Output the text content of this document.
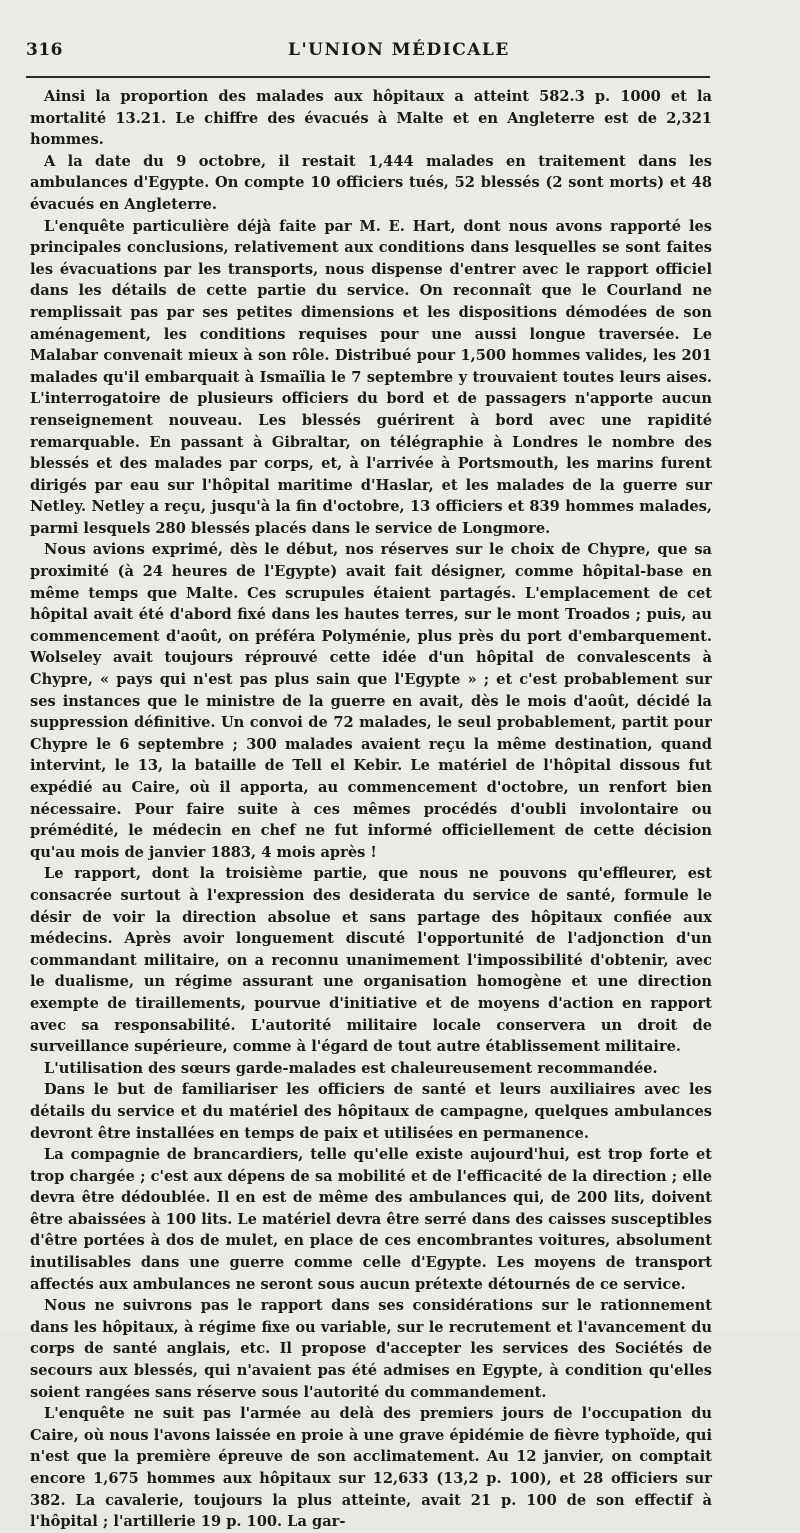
316	L'UNION MÉDICALE

Ainsi la proportion des malades aux hôpitaux a atteint 582.3 p. 1000 et la mortalité 13.21. Le chiffre des évacués à Malte et en Angleterre est de 2,321 hommes.

A la date du 9 octobre, il restait 1,444 malades en traitement dans les ambulances d'Egypte. On compte 10 officiers tués, 52 blessés (2 sont morts) et 48 évacués en Angleterre.

L'enquête particulière déjà faite par M. E. Hart, dont nous avons rapporté les principales conclusions, relativement aux conditions dans lesquelles se sont faites les évacuations par les transports, nous dispense d'entrer avec le rapport officiel dans les détails de cette partie du service. On reconnaît que le Courland ne remplissait pas par ses petites dimensions et les dispositions démodées de son aménagement, les conditions requises pour une aussi longue traversée. Le Malabar convenait mieux à son rôle. Distribué pour 1,500 hommes valides, les 201 malades qu'il embarquait à Ismaïlia le 7 septembre y trouvaient toutes leurs aises. L'interrogatoire de plusieurs officiers du bord et de passagers n'apporte aucun renseignement nouveau. Les blessés guérirent à bord avec une rapidité remarquable. En passant à Gibraltar, on télégraphie à Londres le nombre des blessés et des malades par corps, et, à l'arrivée à Portsmouth, les marins furent dirigés par eau sur l'hôpital maritime d'Haslar, et les malades de la guerre sur Netley. Netley a reçu, jusqu'à la fin d'octobre, 13 officiers et 839 hommes malades, parmi lesquels 280 blessés placés dans le service de Longmore.

Nous avions exprimé, dès le début, nos réserves sur le choix de Chypre, que sa proximité (à 24 heures de l'Egypte) avait fait désigner, comme hôpital-base en même temps que Malte. Ces scrupules étaient partagés. L'emplacement de cet hôpital avait été d'abord fixé dans les hautes terres, sur le mont Troados ; puis, au commencement d'août, on préféra Polyménie, plus près du port d'embarquement. Wolseley avait toujours réprouvé cette idée d'un hôpital de convalescents à Chypre, « pays qui n'est pas plus sain que l'Egypte » ; et c'est probablement sur ses instances que le ministre de la guerre en avait, dès le mois d'août, décidé la suppression définitive. Un convoi de 72 malades, le seul probablement, partit pour Chypre le 6 septembre ; 300 malades avaient reçu la même destination, quand intervint, le 13, la bataille de Tell el Kebir. Le matériel de l'hôpital dissous fut expédié au Caire, où il apporta, au commencement d'octobre, un renfort bien nécessaire. Pour faire suite à ces mêmes procédés d'oubli involontaire ou prémédité, le médecin en chef ne fut informé officiellement de cette décision qu'au mois de janvier 1883, 4 mois après !

Le rapport, dont la troisième partie, que nous ne pouvons qu'effleurer, est consacrée surtout à l'expression des desiderata du service de santé, formule le désir de voir la direction absolue et sans partage des hôpitaux confiée aux médecins. Après avoir longuement discuté l'opportunité de l'adjonction d'un commandant militaire, on a reconnu unanimement l'impossibilité d'obtenir, avec le dualisme, un régime assurant une organisation homogène et une direction exempte de tiraillements, pourvue d'initiative et de moyens d'action en rapport avec sa responsabilité. L'autorité militaire locale conservera un droit de surveillance supérieure, comme à l'égard de tout autre établissement militaire.

L'utilisation des sœurs garde-malades est chaleureusement recommandée.

Dans le but de familiariser les officiers de santé et leurs auxiliaires avec les détails du service et du matériel des hôpitaux de campagne, quelques ambulances devront être installées en temps de paix et utilisées en permanence.

La compagnie de brancardiers, telle qu'elle existe aujourd'hui, est trop forte et trop chargée ; c'est aux dépens de sa mobilité et de l'efficacité de la direction ; elle devra être dédoublée. Il en est de même des ambulances qui, de 200 lits, doivent être abaissées à 100 lits. Le matériel devra être serré dans des caisses susceptibles d'être portées à dos de mulet, en place de ces encombrantes voitures, absolument inutilisables dans une guerre comme celle d'Egypte. Les moyens de transport affectés aux ambulances ne seront sous aucun prétexte détournés de ce service.

Nous ne suivrons pas le rapport dans ses considérations sur le rationnement dans les hôpitaux, à régime fixe ou variable, sur le recrutement et l'avancement du corps de santé anglais, etc. Il propose d'accepter les services des Sociétés de secours aux blessés, qui n'avaient pas été admises en Egypte, à condition qu'elles soient rangées sans réserve sous l'autorité du commandement.

L'enquête ne suit pas l'armée au delà des premiers jours de l'occupation du Caire, où nous l'avons laissée en proie à une grave épidémie de fièvre typhoïde, qui n'est que la première épreuve de son acclimatement. Au 12 janvier, on comptait encore 1,675 hommes aux hôpitaux sur 12,633 (13,2 p. 100), et 28 officiers sur 382. La cavalerie, toujours la plus atteinte, avait 21 p. 100 de son effectif à l'hôpital ; l'artillerie 19 p. 100. La gar-
